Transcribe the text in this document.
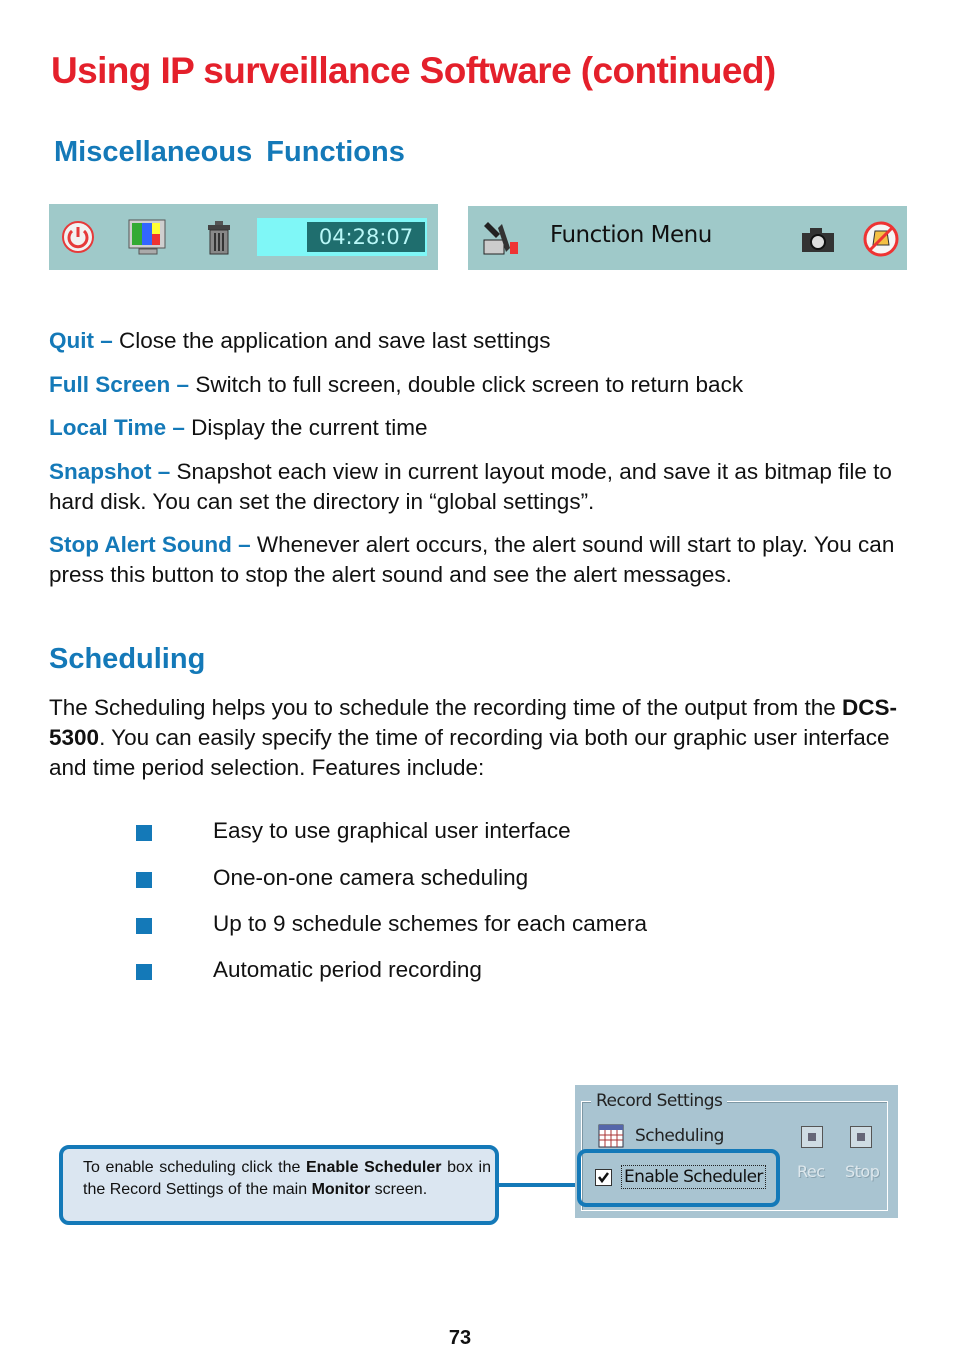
Using IP surveillance Software (continued)
Miscellaneous Functions
04:28:07	Function Menu
Quit – Close the application and save last settings
Full Screen – Switch to full screen, double click screen to return back
Local Time – Display the current time
Snapshot – Snapshot each view in current layout mode, and save it as bitmap file to hard disk. You can set the directory in “global settings”.
Stop Alert Sound – Whenever alert occurs, the alert sound will start to play. You can press this button to stop the alert sound and see the alert messages.
Scheduling
The Scheduling helps you to schedule the recording time of the output from the DCS-5300. You can easily specify the time of recording via both our graphic user interface and time period selection. Features include:
Easy to use graphical user interface
One-on-one camera scheduling
Up to 9 schedule schemes for each camera
Automatic period recording
To enable scheduling click the Enable Scheduler box in the Record Settings of the main Monitor screen.
Record Settings
Scheduling
Enable Scheduler Rec Stop
73
